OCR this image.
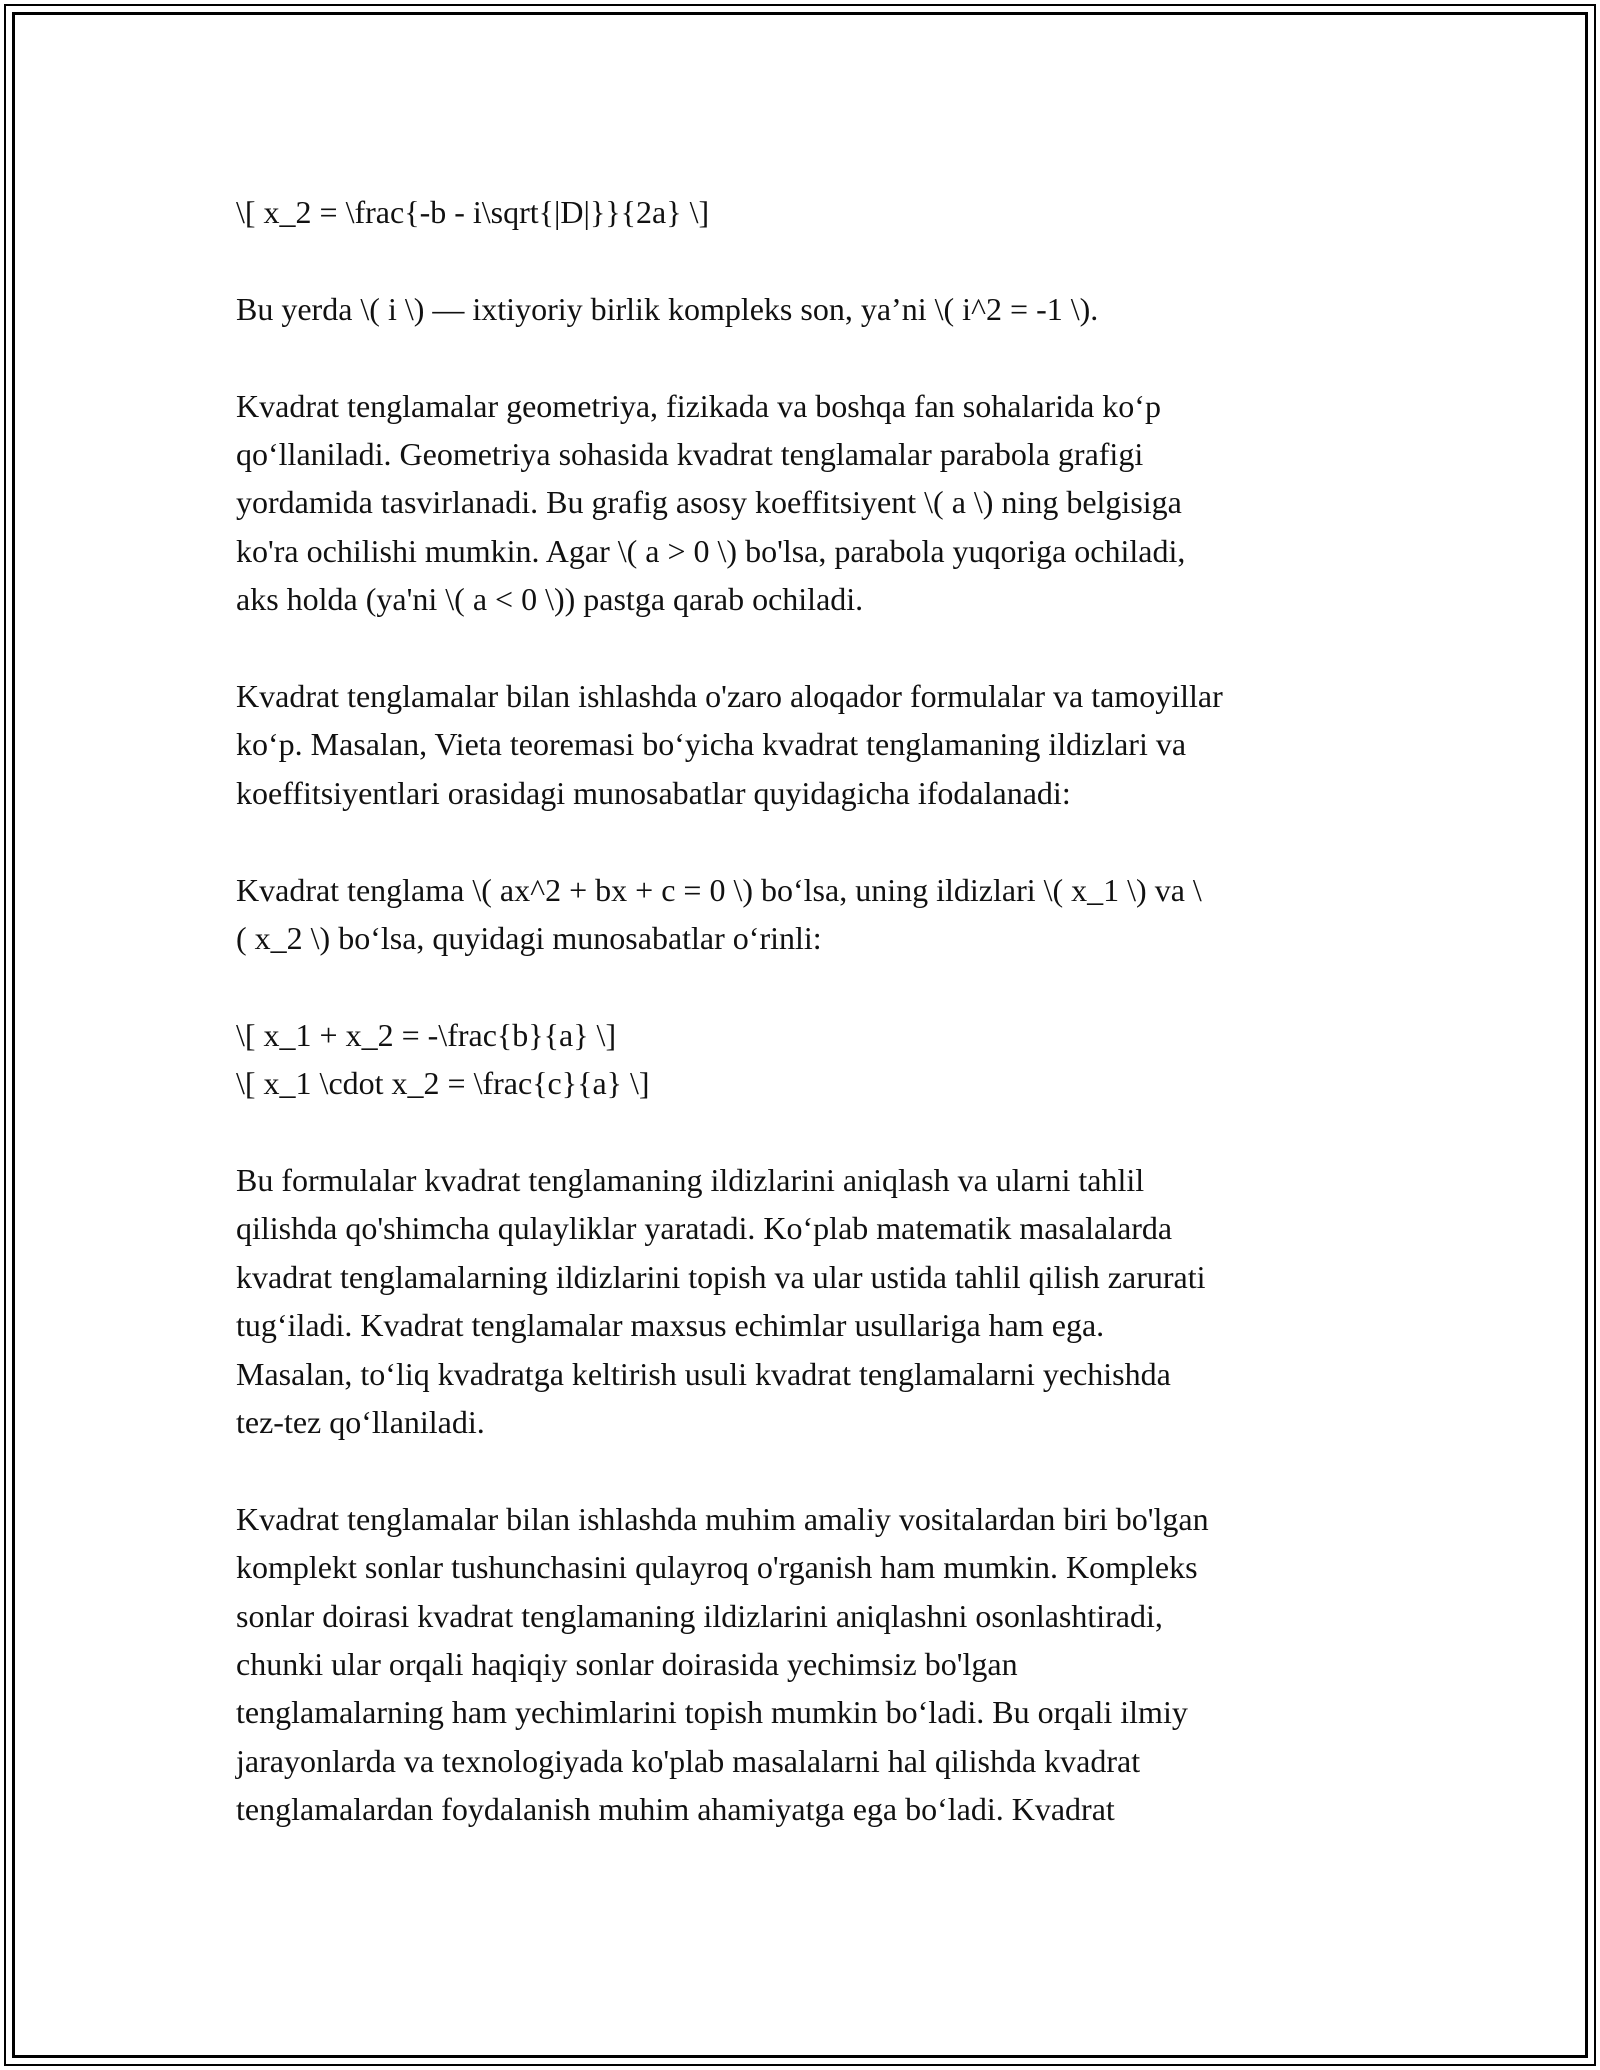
\[ x_2 = \frac{-b - i\sqrt{|D|}}{2a} \]

Bu yerda \( i \) — ixtiyoriy birlik kompleks son, ya’ni \( i^2 = -1 \).

Kvadrat tenglamalar geometriya, fizikada va boshqa fan sohalarida ko‘p
qo‘llaniladi. Geometriya sohasida kvadrat tenglamalar parabola grafigi
yordamida tasvirlanadi. Bu grafig asosy koeffitsiyent \( a \) ning belgisiga
ko'ra ochilishi mumkin. Agar \( a > 0 \) bo'lsa, parabola yuqoriga ochiladi,
aks holda (ya'ni \( a < 0 \)) pastga qarab ochiladi.

Kvadrat tenglamalar bilan ishlashda o'zaro aloqador formulalar va tamoyillar
ko‘p. Masalan, Vieta teoremasi bo‘yicha kvadrat tenglamaning ildizlari va
koeffitsiyentlari orasidagi munosabatlar quyidagicha ifodalanadi:

Kvadrat tenglama \( ax^2 + bx + c = 0 \) bo‘lsa, uning ildizlari \( x_1 \) va \
( x_2 \) bo‘lsa, quyidagi munosabatlar o‘rinli:

\[ x_1 + x_2 = -\frac{b}{a} \]
\[ x_1 \cdot x_2 = \frac{c}{a} \]

Bu formulalar kvadrat tenglamaning ildizlarini aniqlash va ularni tahlil
qilishda qo'shimcha qulayliklar yaratadi. Ko‘plab matematik masalalarda
kvadrat tenglamalarning ildizlarini topish va ular ustida tahlil qilish zarurati
tug‘iladi. Kvadrat tenglamalar maxsus echimlar usullariga ham ega.
Masalan, to‘liq kvadratga keltirish usuli kvadrat tenglamalarni yechishda
tez-tez qo‘llaniladi.

Kvadrat tenglamalar bilan ishlashda muhim amaliy vositalardan biri bo'lgan
komplekt sonlar tushunchasini qulayroq o'rganish ham mumkin. Kompleks
sonlar doirasi kvadrat tenglamaning ildizlarini aniqlashni osonlashtiradi,
chunki ular orqali haqiqiy sonlar doirasida yechimsiz bo'lgan
tenglamalarning ham yechimlarini topish mumkin bo‘ladi. Bu orqali ilmiy
jarayonlarda va texnologiyada ko'plab masalalarni hal qilishda kvadrat
tenglamalardan foydalanish muhim ahamiyatga ega bo‘ladi. Kvadrat
